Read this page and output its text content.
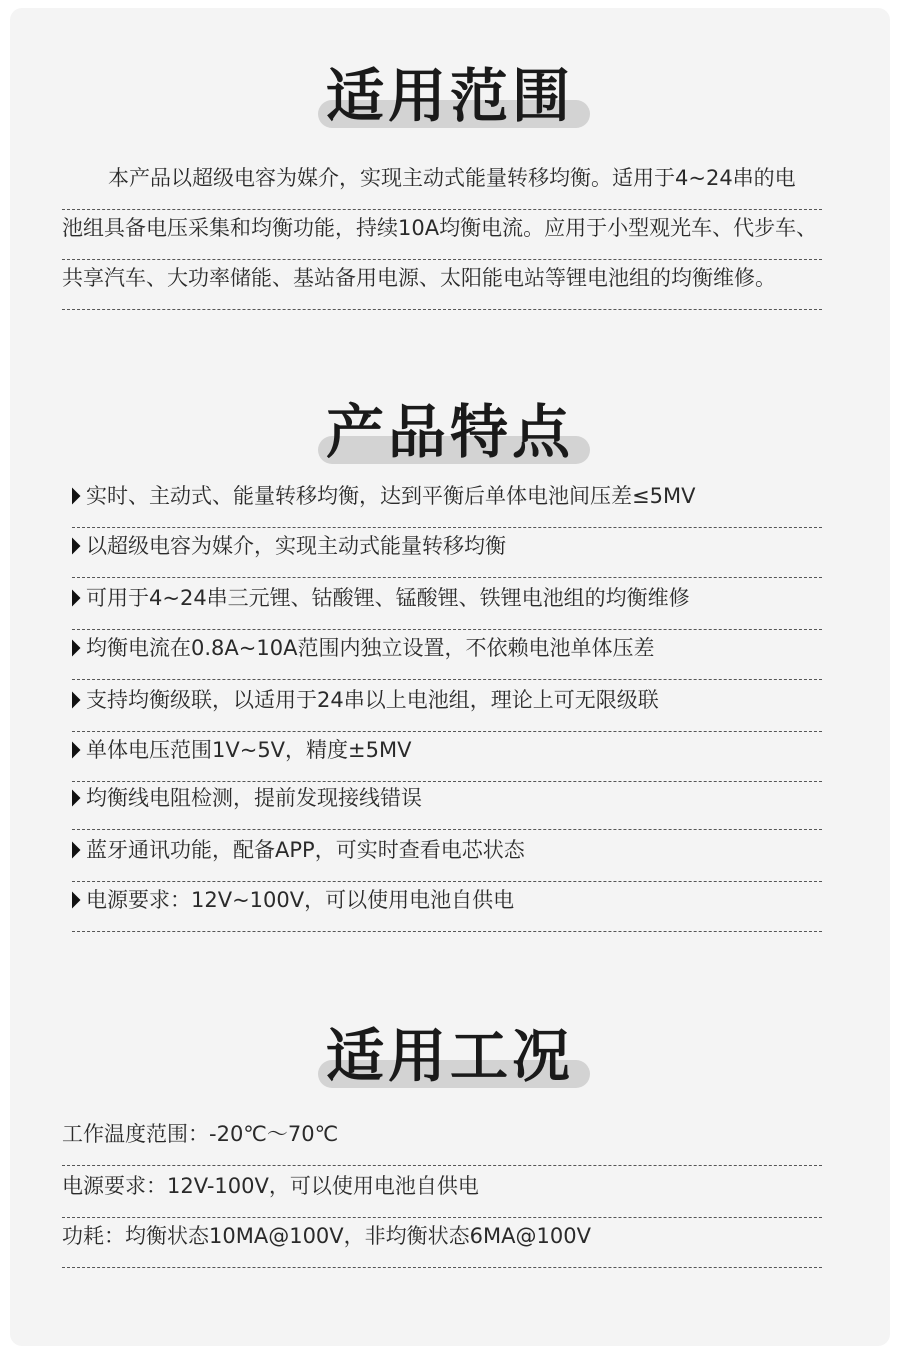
适用范围
本产品以超级电容为媒介，实现主动式能量转移均衡。适用于4~24串的电
池组具备电压采集和均衡功能，持续10A均衡电流。应用于小型观光车、代步车、
共享汽车、大功率储能、基站备用电源、太阳能电站等锂电池组的均衡维修。
产品特点
实时、主动式、能量转移均衡，达到平衡后单体电池间压差≤5MV
以超级电容为媒介，实现主动式能量转移均衡
可用于4~24串三元锂、钴酸锂、锰酸锂、铁锂电池组的均衡维修
均衡电流在0.8A~10A范围内独立设置，不依赖电池单体压差
支持均衡级联，以适用于24串以上电池组，理论上可无限级联
单体电压范围1V~5V，精度±5MV
均衡线电阻检测，提前发现接线错误
蓝牙通讯功能，配备APP，可实时查看电芯状态
电源要求：12V~100V，可以使用电池自供电
适用工况
工作温度范围：-20℃～70℃
电源要求：12V-100V，可以使用电池自供电
功耗：均衡状态10MA@100V，非均衡状态6MA@100V
